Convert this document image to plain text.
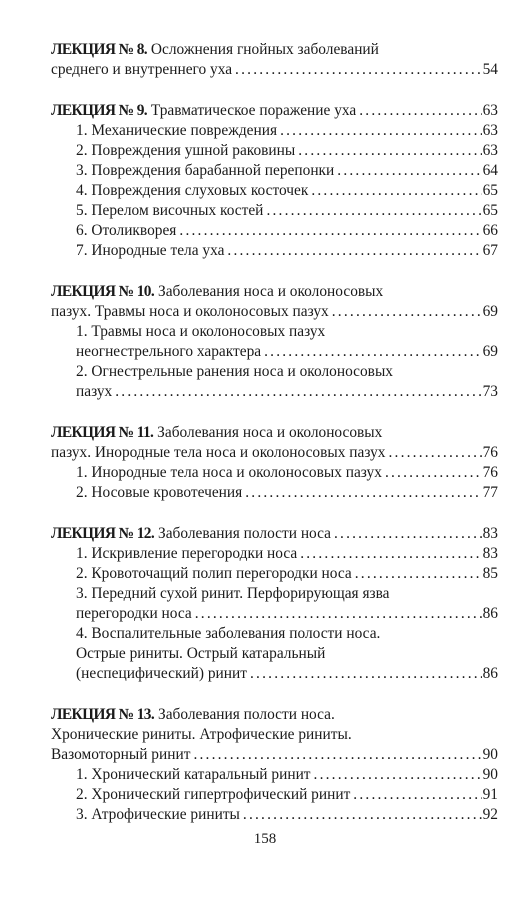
ЛЕКЦИЯ № 8. Осложнения гнойных заболеваний
среднего и внутреннего уха .....	54
ЛЕКЦИЯ № 9. Травматическое поражение уха .....	63
1. Механические повреждения .....	63
2. Повреждения ушной раковины .....	63
3. Повреждения барабанной перепонки .....	64
4. Повреждения слуховых косточек .....	65
5. Перелом височных костей .....	65
6. Отоликворея .....	66
7. Инородные тела уха .....	67
ЛЕКЦИЯ № 10. Заболевания носа и околоносовых
пазух. Травмы носа и околоносовых пазух .....	69
1. Травмы носа и околоносовых пазух
неогнестрельного характера .....	69
2. Огнестрельные ранения носа и околоносовых
пазух .....	73
ЛЕКЦИЯ № 11. Заболевания носа и околоносовых
пазух. Инородные тела носа и околоносовых пазух .....	76
1. Инородные тела носа и околоносовых пазух .....	76
2. Носовые кровотечения .....	77
ЛЕКЦИЯ № 12. Заболевания полости носа .....	83
1. Искривление перегородки носа .....	83
2. Кровоточащий полип перегородки носа .....	85
3. Передний сухой ринит. Перфорирующая язва
перегородки носа .....	86
4. Воспалительные заболевания полости носа.
Острые риниты. Острый катаральный
(неспецифический) ринит .....	86
ЛЕКЦИЯ № 13. Заболевания полости носа.
Хронические риниты. Атрофические риниты.
Вазомоторный ринит .....	90
1. Хронический катаральный ринит .....	90
2. Хронический гипертрофический ринит .....	91
3. Атрофические риниты .....	92
158
